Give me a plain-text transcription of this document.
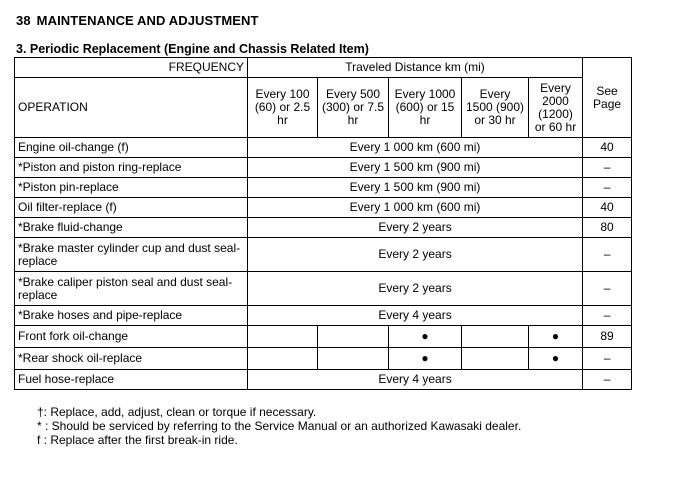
38 MAINTENANCE AND ADJUSTMENT
3. Periodic Replacement (Engine and Chassis Related Item)
FREQUENCY	Traveled Distance km (mi)					See Page
OPERATION	Every 100 (60) or 2.5 hr	Every 500 (300) or 7.5 hr	Every 1000 (600) or 15 hr	Every 1500 (900) or 30 hr	Every 2000 (1200) or 60 hr	
Engine oil-change (f)	Every 1 000 km (600 mi)					40
*Piston and piston ring-replace	Every 1 500 km (900 mi)					–
*Piston pin-replace	Every 1 500 km (900 mi)					–
Oil filter-replace (f)	Every 1 000 km (600 mi)					40
*Brake fluid-change	Every 2 years					80
*Brake master cylinder cup and dust seal-replace	Every 2 years					–
*Brake caliper piston seal and dust seal-replace	Every 2 years					–
*Brake hoses and pipe-replace	Every 4 years					–
Front fork oil-change			●		●	89
*Rear shock oil-replace			●		●	–
Fuel hose-replace	Every 4 years					–
†: Replace, add, adjust, clean or torque if necessary.
* : Should be serviced by referring to the Service Manual or an authorized Kawasaki dealer.
f : Replace after the first break-in ride.
